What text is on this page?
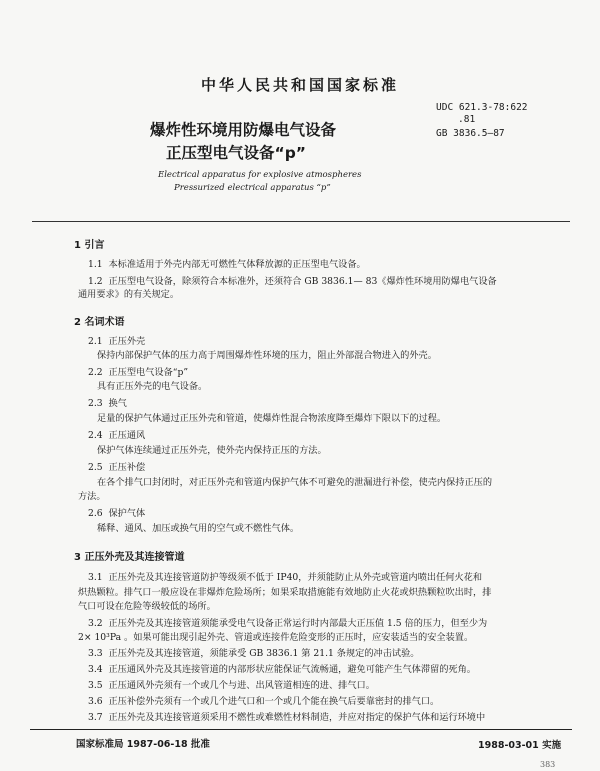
中华人民共和国国家标准
爆炸性环境用防爆电气设备
正压型电气设备“p”
UDC 621.3-78:622
.81
GB 3836.5—87
Electrical apparatus for explosive atmospheres
Pressurized electrical apparatus “p”
1 引言
1.1 本标准适用于外壳内部无可燃性气体释放源的正压型电气设备。
1.2 正压型电气设备，除须符合本标准外，还须符合 GB 3836.1— 83《爆炸性环境用防爆电气设备
通用要求》的有关规定。
2 名词术语
2.1 正压外壳
保持内部保护气体的压力高于周围爆炸性环境的压力，阻止外部混合物进入的外壳。
2.2 正压型电气设备“p”
具有正压外壳的电气设备。
2.3 换气
足量的保护气体通过正压外壳和管道，使爆炸性混合物浓度降至爆炸下限以下的过程。
2.4 正压通风
保护气体连续通过正压外壳，使外壳内保持正压的方法。
2.5 正压补偿
在各个排气口封闭时，对正压外壳和管道内保护气体不可避免的泄漏进行补偿，使壳内保持正压的
方法。
2.6 保护气体
稀释、通风、加压或换气用的空气或不燃性气体。
3 正压外壳及其连接管道
3.1 正压外壳及其连接管道防护等级须不低于 IP40，并须能防止从外壳或管道内喷出任何火花和
炽热颗粒。排气口一般应设在非爆炸危险场所；如果采取措施能有效地防止火花或炽热颗粒吹出时，排
气口可设在危险等级较低的场所。
3.2 正压外壳及其连接管道须能承受电气设备正常运行时内部最大正压值 1.5 倍的压力，但至少为
2× 10³Pa 。如果可能出现引起外壳、管道或连接件危险变形的正压时，应安装适当的安全装置。
3.3 正压外壳及其连接管道，须能承受 GB 3836.1 第 21.1 条规定的冲击试验。
3.4 正压通风外壳及其连接管道的内部形状应能保证气流畅通，避免可能产生气体滞留的死角。
3.5 正压通风外壳须有一个或几个与进、出风管道相连的进、排气口。
3.6 正压补偿外壳须有一个或几个进气口和一个或几个能在换气后要靠密封的排气口。
3.7 正压外壳及其连接管道须采用不燃性或难燃性材料制造，并应对指定的保护气体和运行环境中
国家标准局 1987-06-18 批准	1988-03-01 实施
383
